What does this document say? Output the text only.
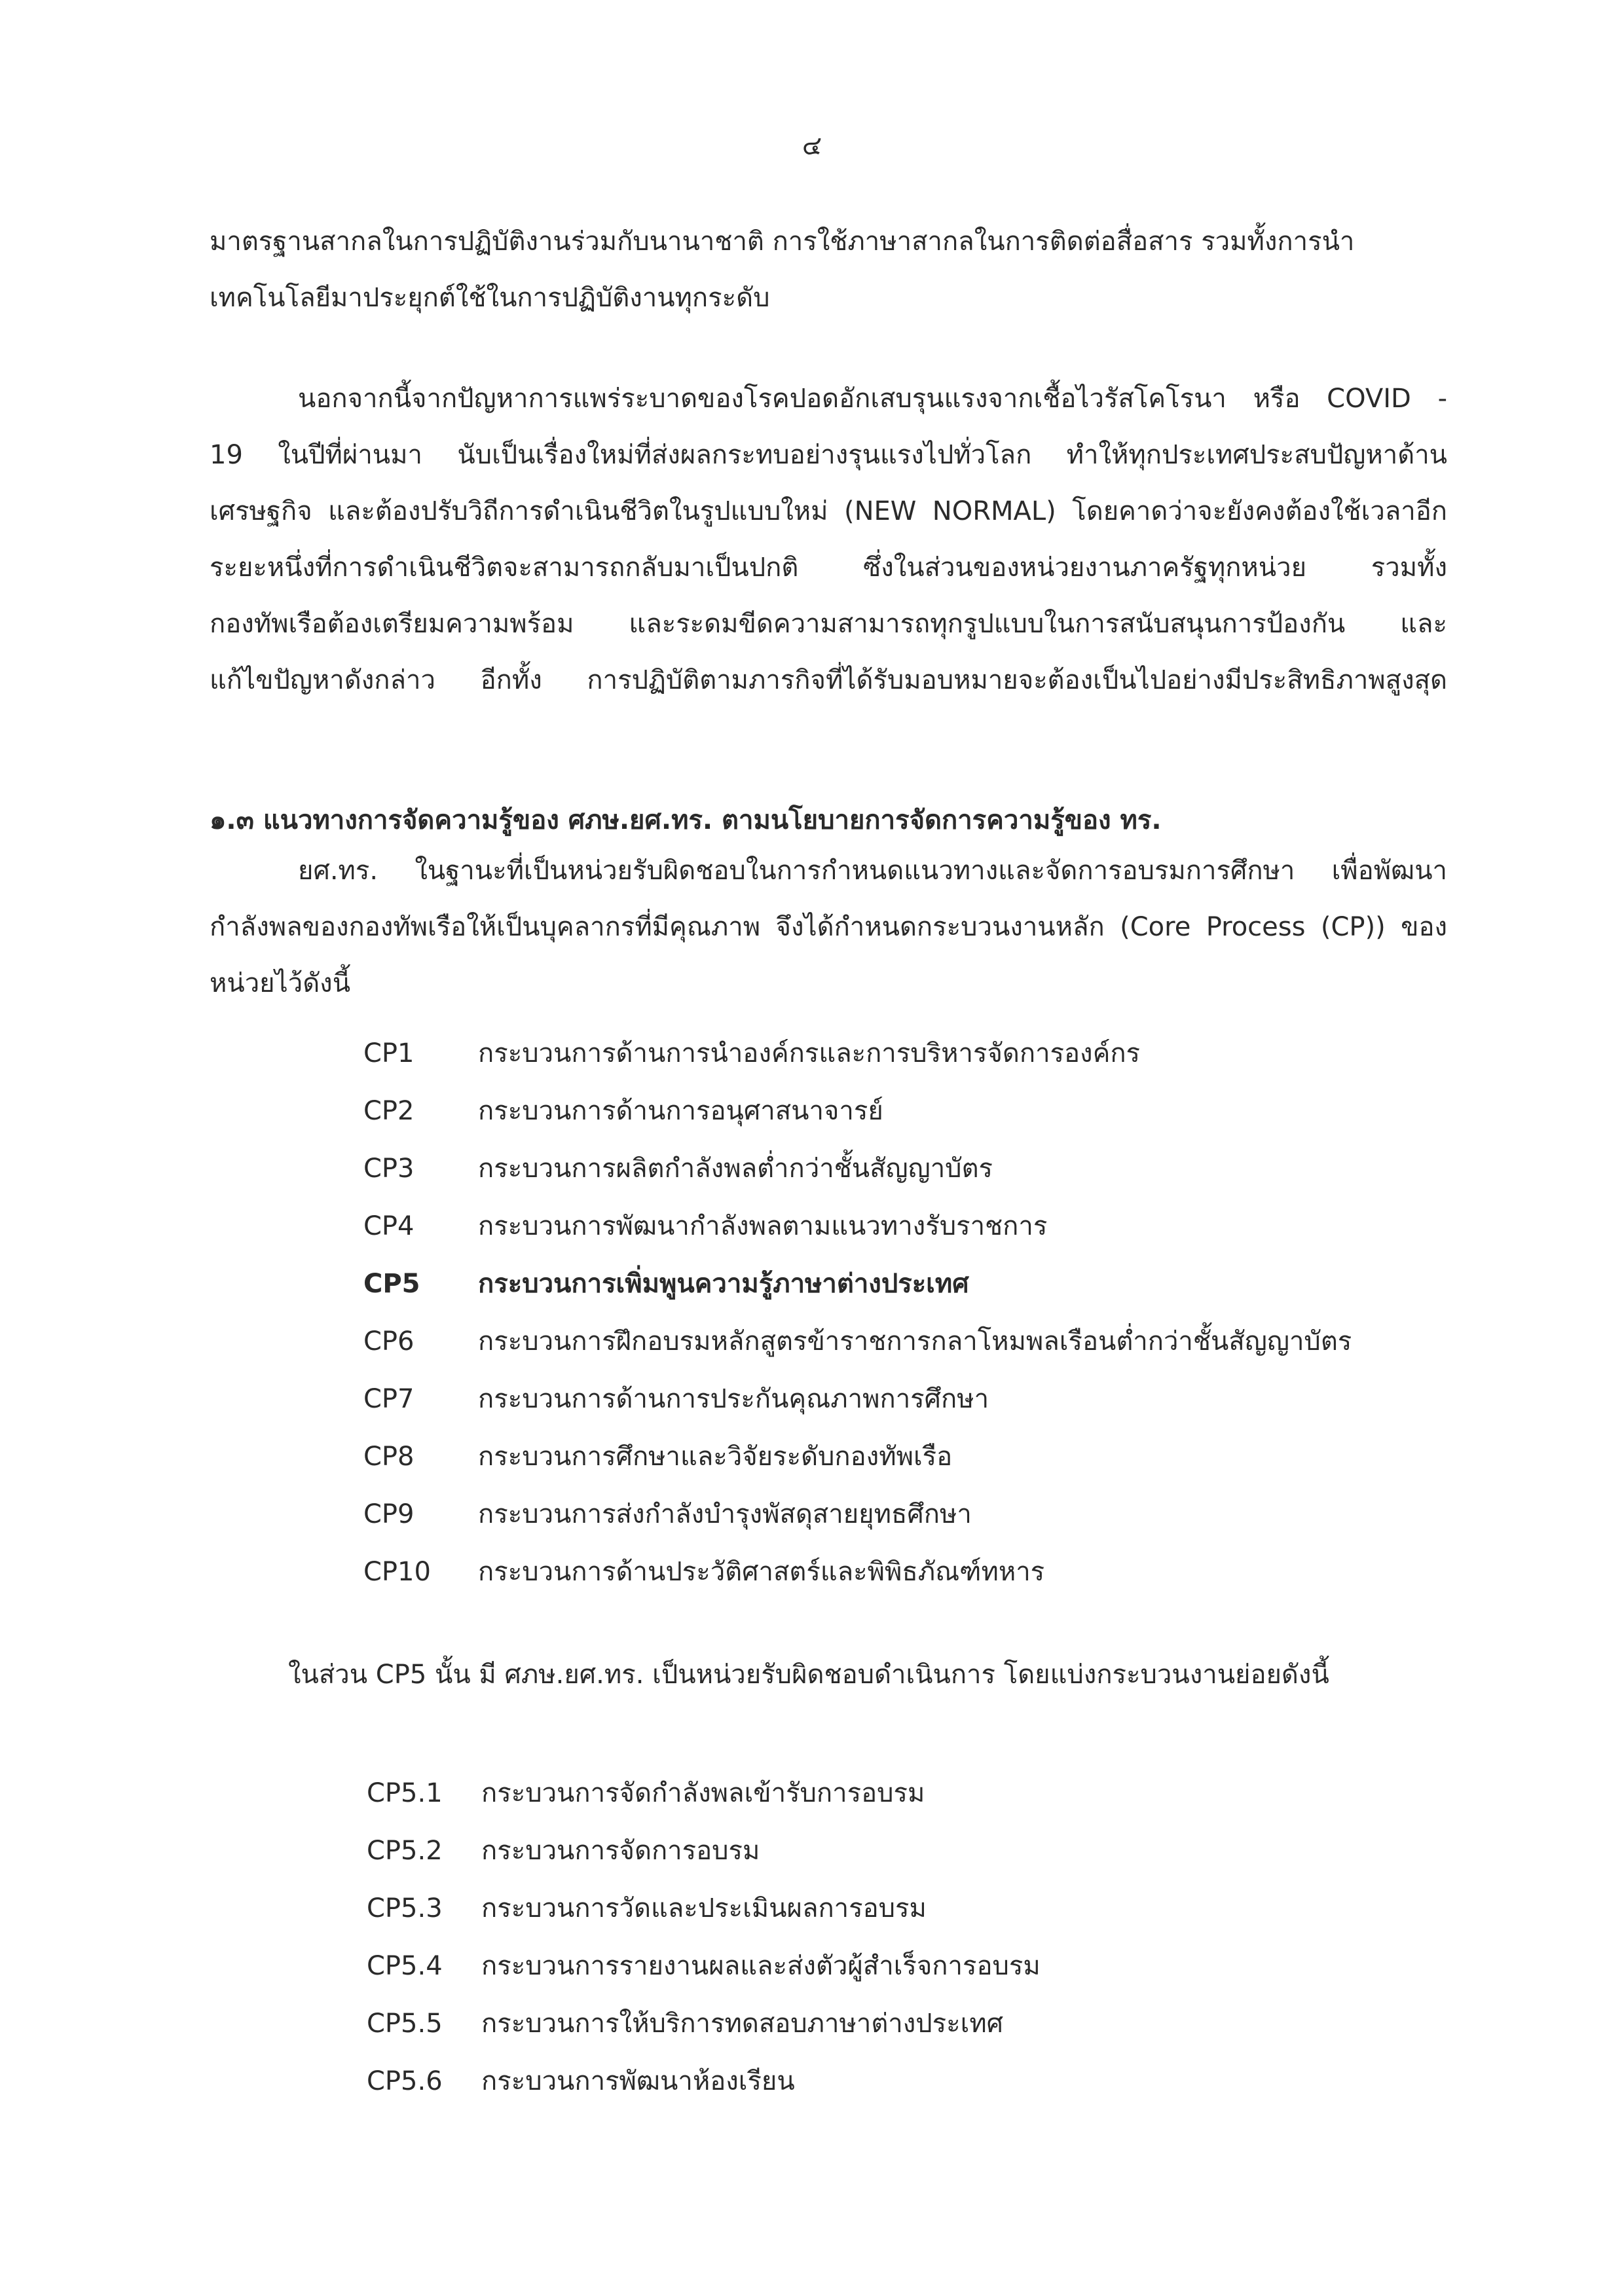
๔
มาตรฐานสากลในการปฏิบัติงานร่วมกับนานาชาติ การใช้ภาษาสากลในการติดต่อสื่อสาร รวมทั้งการนำ
เทคโนโลยีมาประยุกต์ใช้ในการปฏิบัติงานทุกระดับ
นอกจากนี้จากปัญหาการแพร่ระบาดของโรคปอดอักเสบรุนแรงจากเชื้อไวรัสโคโรนา หรือ COVID -
19 ในปีที่ผ่านมา นับเป็นเรื่องใหม่ที่ส่งผลกระทบอย่างรุนแรงไปทั่วโลก ทำให้ทุกประเทศประสบปัญหาด้าน
เศรษฐกิจ และต้องปรับวิถีการดำเนินชีวิตในรูปแบบใหม่ (NEW NORMAL) โดยคาดว่าจะยังคงต้องใช้เวลาอีก
ระยะหนึ่งที่การดำเนินชีวิตจะสามารถกลับมาเป็นปกติ ซึ่งในส่วนของหน่วยงานภาครัฐทุกหน่วย รวมทั้ง
กองทัพเรือต้องเตรียมความพร้อม และระดมขีดความสามารถทุกรูปแบบในการสนับสนุนการป้องกัน และ
แก้ไขปัญหาดังกล่าว อีกทั้ง การปฏิบัติตามภารกิจที่ได้รับมอบหมายจะต้องเป็นไปอย่างมีประสิทธิภาพสูงสุด
๑.๓ แนวทางการจัดความรู้ของ ศภษ.ยศ.ทร. ตามนโยบายการจัดการความรู้ของ ทร.
ยศ.ทร. ในฐานะที่เป็นหน่วยรับผิดชอบในการกำหนดแนวทางและจัดการอบรมการศึกษา เพื่อพัฒนา
กำลังพลของกองทัพเรือให้เป็นบุคลากรที่มีคุณภาพ จึงได้กำหนดกระบวนงานหลัก (Core Process (CP)) ของ
หน่วยไว้ดังนี้
CP1 กระบวนการด้านการนำองค์กรและการบริหารจัดการองค์กร
CP2 กระบวนการด้านการอนุศาสนาจารย์
CP3 กระบวนการผลิตกำลังพลต่ำกว่าชั้นสัญญาบัตร
CP4 กระบวนการพัฒนากำลังพลตามแนวทางรับราชการ
CP5 กระบวนการเพิ่มพูนความรู้ภาษาต่างประเทศ
CP6 กระบวนการฝึกอบรมหลักสูตรข้าราชการกลาโหมพลเรือนต่ำกว่าชั้นสัญญาบัตร
CP7 กระบวนการด้านการประกันคุณภาพการศึกษา
CP8 กระบวนการศึกษาและวิจัยระดับกองทัพเรือ
CP9 กระบวนการส่งกำลังบำรุงพัสดุสายยุทธศึกษา
CP10 กระบวนการด้านประวัติศาสตร์และพิพิธภัณฑ์ทหาร
ในส่วน CP5 นั้น มี ศภษ.ยศ.ทร. เป็นหน่วยรับผิดชอบดำเนินการ โดยแบ่งกระบวนงานย่อยดังนี้
CP5.1 กระบวนการจัดกำลังพลเข้ารับการอบรม
CP5.2 กระบวนการจัดการอบรม
CP5.3 กระบวนการวัดและประเมินผลการอบรม
CP5.4 กระบวนการรายงานผลและส่งตัวผู้สำเร็จการอบรม
CP5.5 กระบวนการให้บริการทดสอบภาษาต่างประเทศ
CP5.6 กระบวนการพัฒนาห้องเรียน
